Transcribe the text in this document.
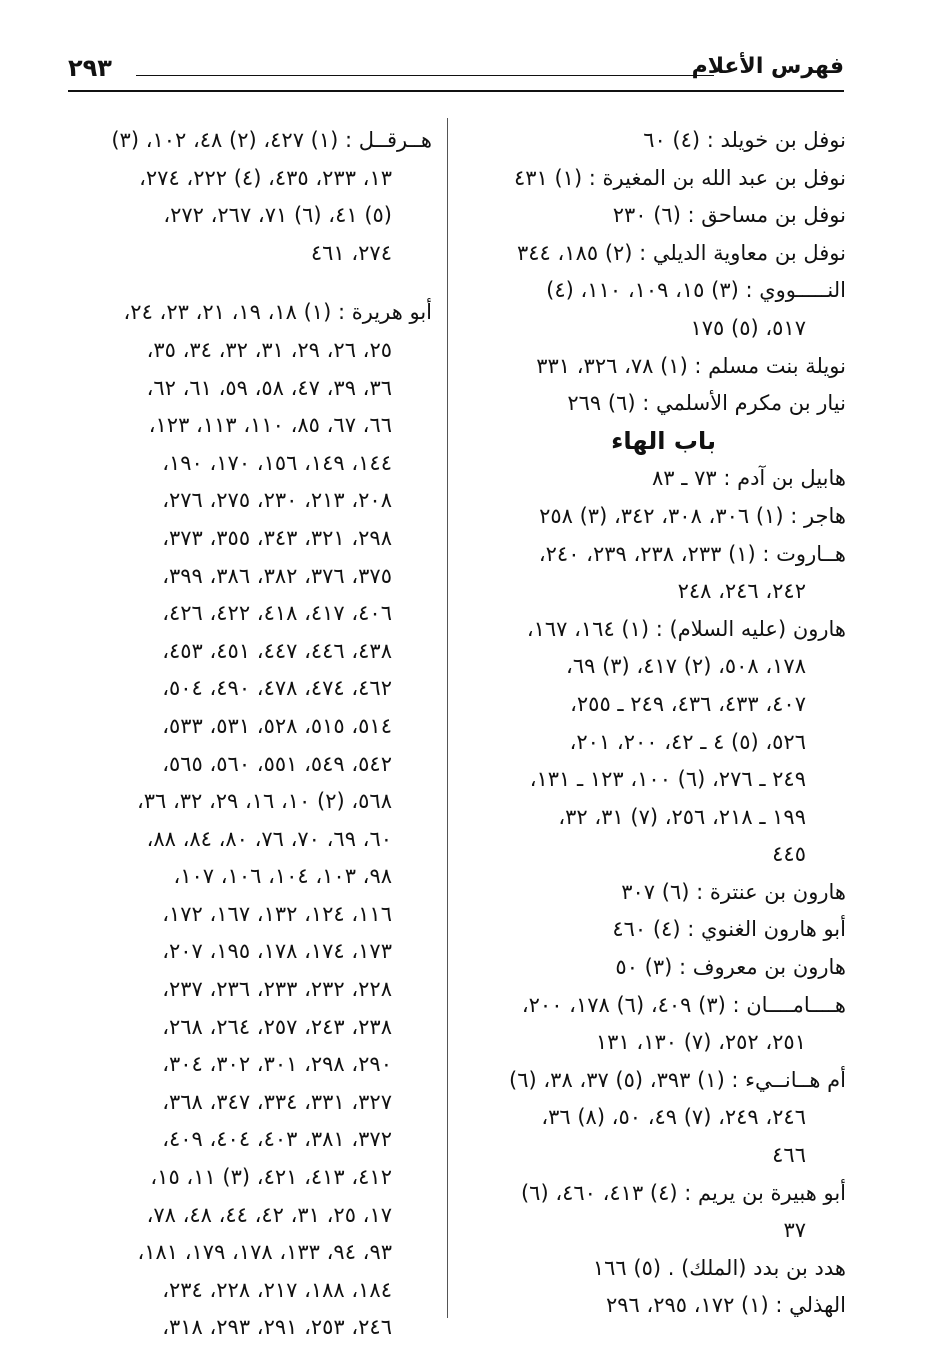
فهرس الأعلام
٢٩٣
نوفل بن خويلد : (٤) ٦٠
نوفل بن عبد الله بن المغيرة : (١) ٤٣١
نوفل بن مساحق : (٦) ٢٣٠
نوفل بن معاوية الديلي : (٢) ١٨٥، ٣٤٤
النـــــووي : (٣) ١٥، ١٠٩، ١١٠، (٤)
٥١٧، (٥) ١٧٥
نويلة بنت مسلم : (١) ٧٨، ٣٢٦، ٣٣١
نيار بن مكرم الأسلمي : (٦) ٢٦٩
باب الهاء
هابيل بن آدم : ٧٣ ـ ٨٣
هاجر : (١) ٣٠٦، ٣٠٨، ٣٤٢، (٣) ٢٥٨
هــاروت : (١) ٢٣٣، ٢٣٨، ٢٣٩، ٢٤٠،
٢٤٢، ٢٤٦، ٢٤٨
هارون (عليه السلام) : (١) ١٦٤، ١٦٧،
١٧٨، ٥٠٨، (٢) ٤١٧، (٣) ٦٩،
٤٠٧، ٤٣٣، ٤٣٦، ٢٤٩ ـ ٢٥٥،
٥٢٦، (٥) ٤ ـ ٤٢، ٢٠٠، ٢٠١،
٢٤٩ ـ ٢٧٦، (٦) ١٠٠، ١٢٣ ـ ١٣١،
١٩٩ ـ ٢١٨، ٢٥٦، (٧) ٣١، ٣٢،
٤٤٥
هارون بن عنترة : (٦) ٣٠٧
أبو هارون الغنوي : (٤) ٤٦٠
هارون بن معروف : (٣) ٥٠
هــــامــــان : (٣) ٤٠٩، (٦) ١٧٨، ٢٠٠،
٢٥١، ٢٥٢، (٧) ١٣٠، ١٣١
أم هــانــيء : (١) ٣٩٣، (٥) ٣٧، ٣٨، (٦)
٢٤٦، ٢٤٩، (٧) ٤٩، ٥٠، (٨) ٣٦،
٤٦٦
أبو هبيرة بن يريم : (٤) ٤١٣، ٤٦٠، (٦)
٣٧
هدد بن بدد (الملك) . (٥) ١٦٦
الهذلي : (١) ١٧٢، ٢٩٥، ٢٩٦
هــرقــل : (١) ٤٢٧، (٢) ٤٨، ١٠٢، (٣)
١٣، ٢٣٣، ٤٣٥، (٤) ٢٢٢، ٢٧٤،
(٥) ٤١، (٦) ٧١، ٢٦٧، ٢٧٢،
٢٧٤، ٤٦١
أبو هريرة : (١) ١٨، ١٩، ٢١، ٢٣، ٢٤،
٢٥، ٢٦، ٢٩، ٣١، ٣٢، ٣٤، ٣٥،
٣٦، ٣٩، ٤٧، ٥٨، ٥٩، ٦١، ٦٢،
٦٦، ٦٧، ٨٥، ١١٠، ١١٣، ١٢٣،
١٤٤، ١٤٩، ١٥٦، ١٧٠، ١٩٠،
٢٠٨، ٢١٣، ٢٣٠، ٢٧٥، ٢٧٦،
٢٩٨، ٣٢١، ٣٤٣، ٣٥٥، ٣٧٣،
٣٧٥، ٣٧٦، ٣٨٢، ٣٨٦، ٣٩٩،
٤٠٦، ٤١٧، ٤١٨، ٤٢٢، ٤٢٦،
٤٣٨، ٤٤٦، ٤٤٧، ٤٥١، ٤٥٣،
٤٦٢، ٤٧٤، ٤٧٨، ٤٩٠، ٥٠٤،
٥١٤، ٥١٥، ٥٢٨، ٥٣١، ٥٣٣،
٥٤٢، ٥٤٩، ٥٥١، ٥٦٠، ٥٦٥،
٥٦٨، (٢) ١٠، ١٦، ٢٩، ٣٢، ٣٦،
٦٠، ٦٩، ٧٠، ٧٦، ٨٠، ٨٤، ٨٨،
٩٨، ١٠٣، ١٠٤، ١٠٦، ١٠٧،
١١٦، ١٢٤، ١٣٢، ١٦٧، ١٧٢،
١٧٣، ١٧٤، ١٧٨، ١٩٥، ٢٠٧،
٢٢٨، ٢٣٢، ٢٣٣، ٢٣٦، ٢٣٧،
٢٣٨، ٢٤٣، ٢٥٧، ٢٦٤، ٢٦٨،
٢٩٠، ٢٩٨، ٣٠١، ٣٠٢، ٣٠٤،
٣٢٧، ٣٣١، ٣٣٤، ٣٤٧، ٣٦٨،
٣٧٢، ٣٨١، ٤٠٣، ٤٠٤، ٤٠٩،
٤١٢، ٤١٣، ٤٢١، (٣) ١١، ١٥،
١٧، ٢٥، ٣١، ٤٢، ٤٤، ٤٨، ٧٨،
٩٣، ٩٤، ١٣٣، ١٧٨، ١٧٩، ١٨١،
١٨٤، ١٨٨، ٢١٧، ٢٢٨، ٢٣٤،
٢٤٦، ٢٥٣، ٢٩١، ٢٩٣، ٣١٨،
